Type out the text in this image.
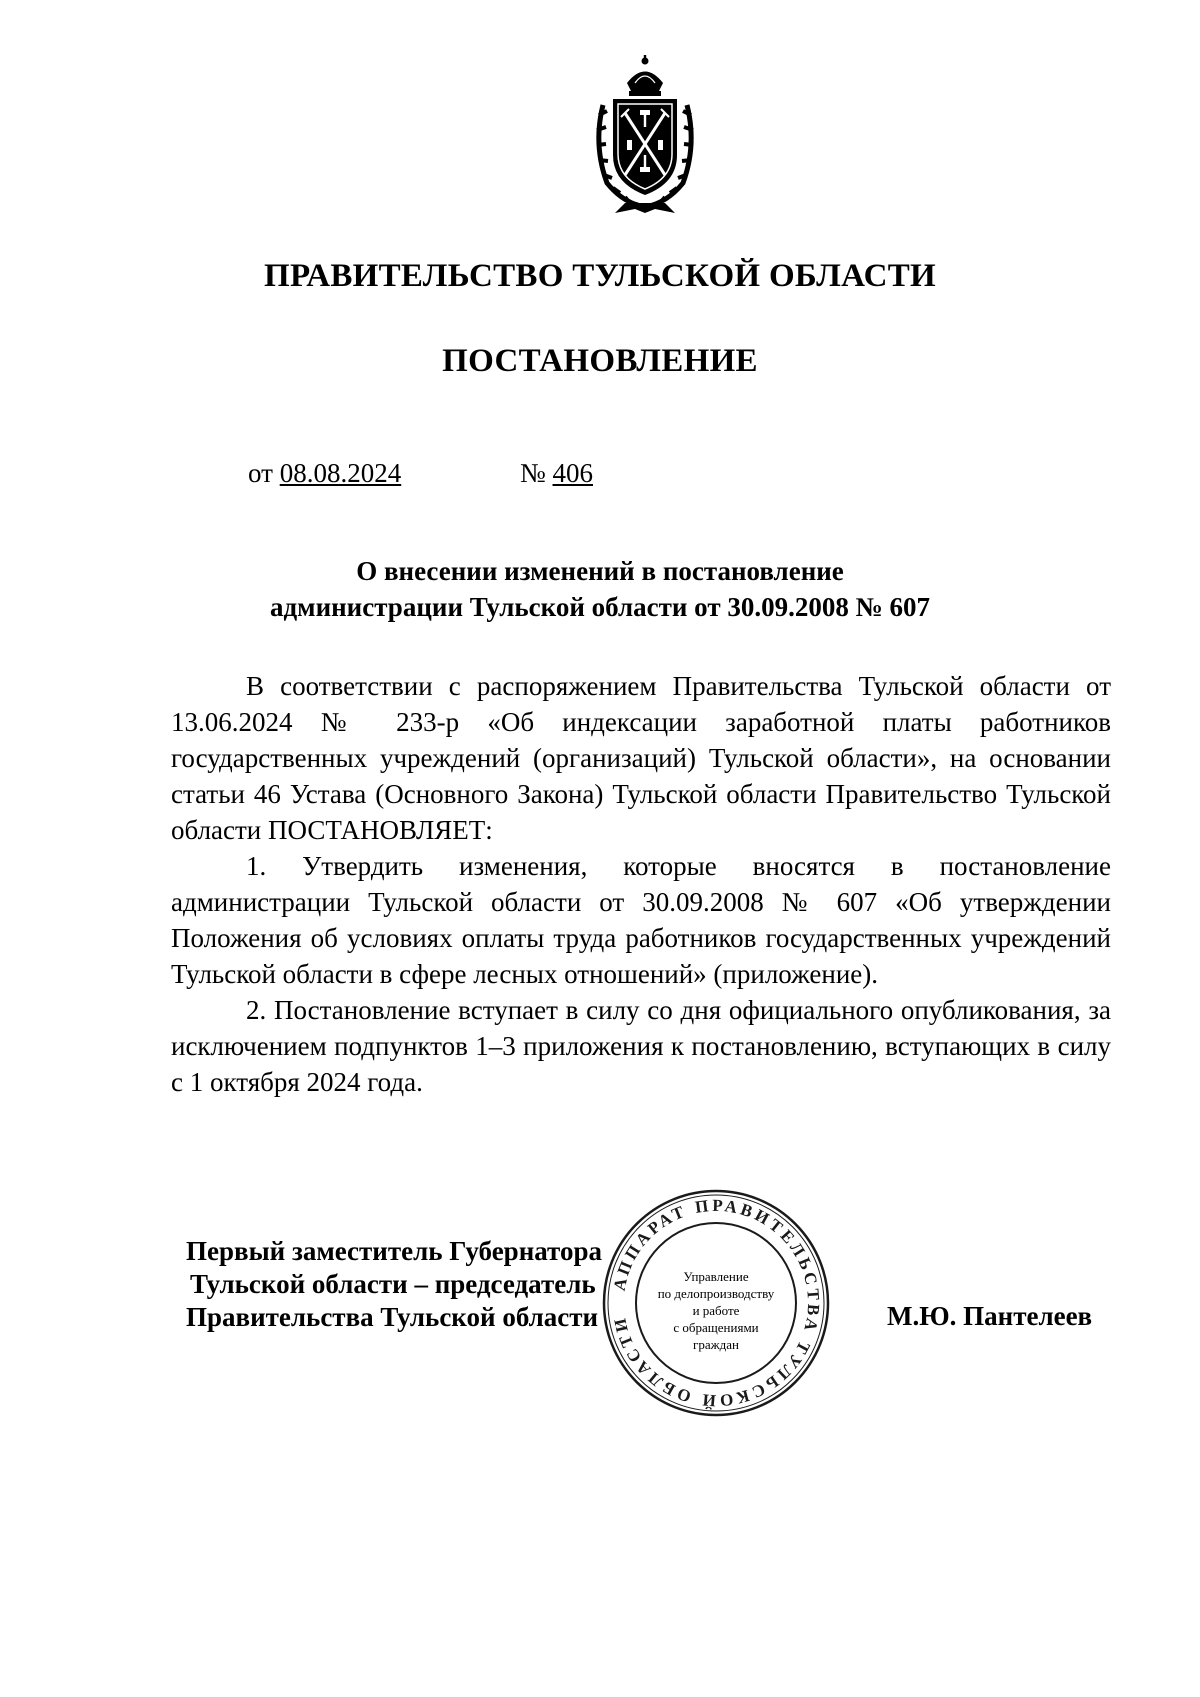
ПРАВИТЕЛЬСТВО ТУЛЬСКОЙ ОБЛАСТИ
ПОСТАНОВЛЕНИЕ
от 08.08.2024	№ 406
О внесении изменений в постановление
администрации Тульской области от 30.09.2008 № 607

В соответствии с распоряжением Правительства Тульской области от 13.06.2024 № 233-р «Об индексации заработной платы работников государственных учреждений (организаций) Тульской области», на основании статьи 46 Устава (Основного Закона) Тульской области Правительство Тульской области ПОСТАНОВЛЯЕТ:

1. Утвердить изменения, которые вносятся в постановление администрации Тульской области от 30.09.2008 № 607 «Об утверждении Положения об условиях оплаты труда работников государственных учреждений Тульской области в сфере лесных отношений» (приложение).

2. Постановление вступает в силу со дня официального опубликования, за исключением подпунктов 1–3 приложения к постановлению, вступающих в силу с 1 октября 2024 года.

Первый заместитель Губернатора
Тульской области – председатель
Правительства Тульской области
АППАРАТ ПРАВИТЕЛЬСТВА ТУЛЬСКОЙ ОБЛАСТИ
Управление
по делопроизводству
и работе
с обращениями
граждан
М.Ю. Пантелеев
